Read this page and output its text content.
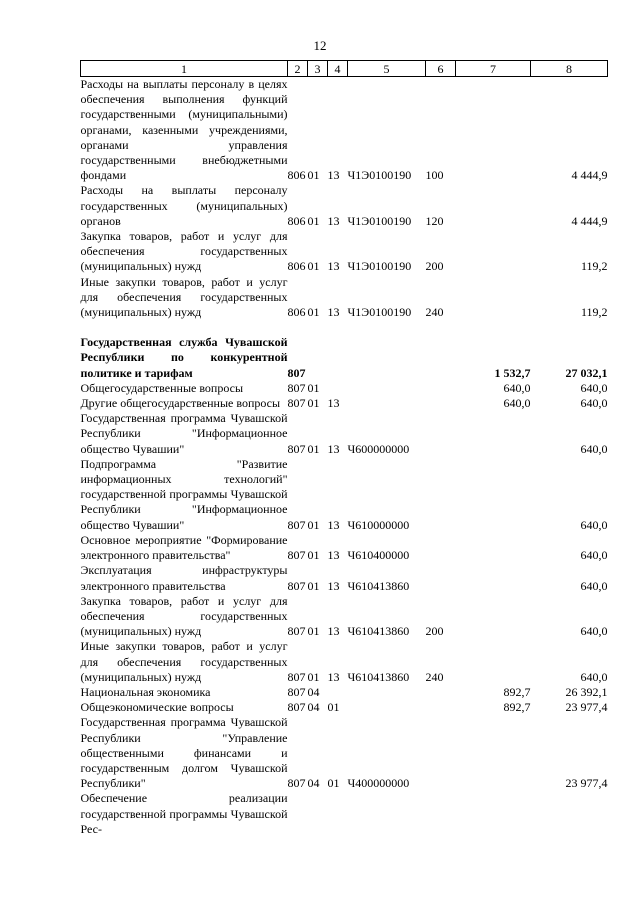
12
1	2	3	4	5	6	7	8
Расходы на выплаты персоналу в целях обеспечения выполнения функций государственными (муниципальными) органами, казенными учреждениями, органами управления государственными внебюджетными фондами	806	01	13	Ч1Э0100190	100		4 444,9
Расходы на выплаты персоналу государственных (муниципальных) органов	806	01	13	Ч1Э0100190	120		4 444,9
Закупка товаров, работ и услуг для обеспечения государственных (муниципальных) нужд	806	01	13	Ч1Э0100190	200		119,2
Иные закупки товаров, работ и услуг для обеспечения государственных (муниципальных) нужд	806	01	13	Ч1Э0100190	240		119,2

Государственная служба Чувашской Республики по конкурентной политике и тарифам	807					1 532,7	27 032,1
Общегосударственные вопросы	807	01				640,0	640,0
Другие общегосударственные вопросы	807	01	13			640,0	640,0
Государственная программа Чувашской Республики "Информационное общество Чувашии"	807	01	13	Ч600000000			640,0
Подпрограмма "Развитие информационных технологий" государственной программы Чувашской Республики "Информационное общество Чувашии"	807	01	13	Ч610000000			640,0
Основное мероприятие "Формирование электронного правительства"	807	01	13	Ч610400000			640,0
Эксплуатация инфраструктуры электронного правительства	807	01	13	Ч610413860			640,0
Закупка товаров, работ и услуг для обеспечения государственных (муниципальных) нужд	807	01	13	Ч610413860	200		640,0
Иные закупки товаров, работ и услуг для обеспечения государственных (муниципальных) нужд	807	01	13	Ч610413860	240		640,0
Национальная экономика	807	04				892,7	26 392,1
Общеэкономические вопросы	807	04	01			892,7	23 977,4
Государственная программа Чувашской Республики "Управление общественными финансами и государственным долгом Чувашской Республики"	807	04	01	Ч400000000			23 977,4
Обеспечение реализации государственной программы Чувашской Рес-							
